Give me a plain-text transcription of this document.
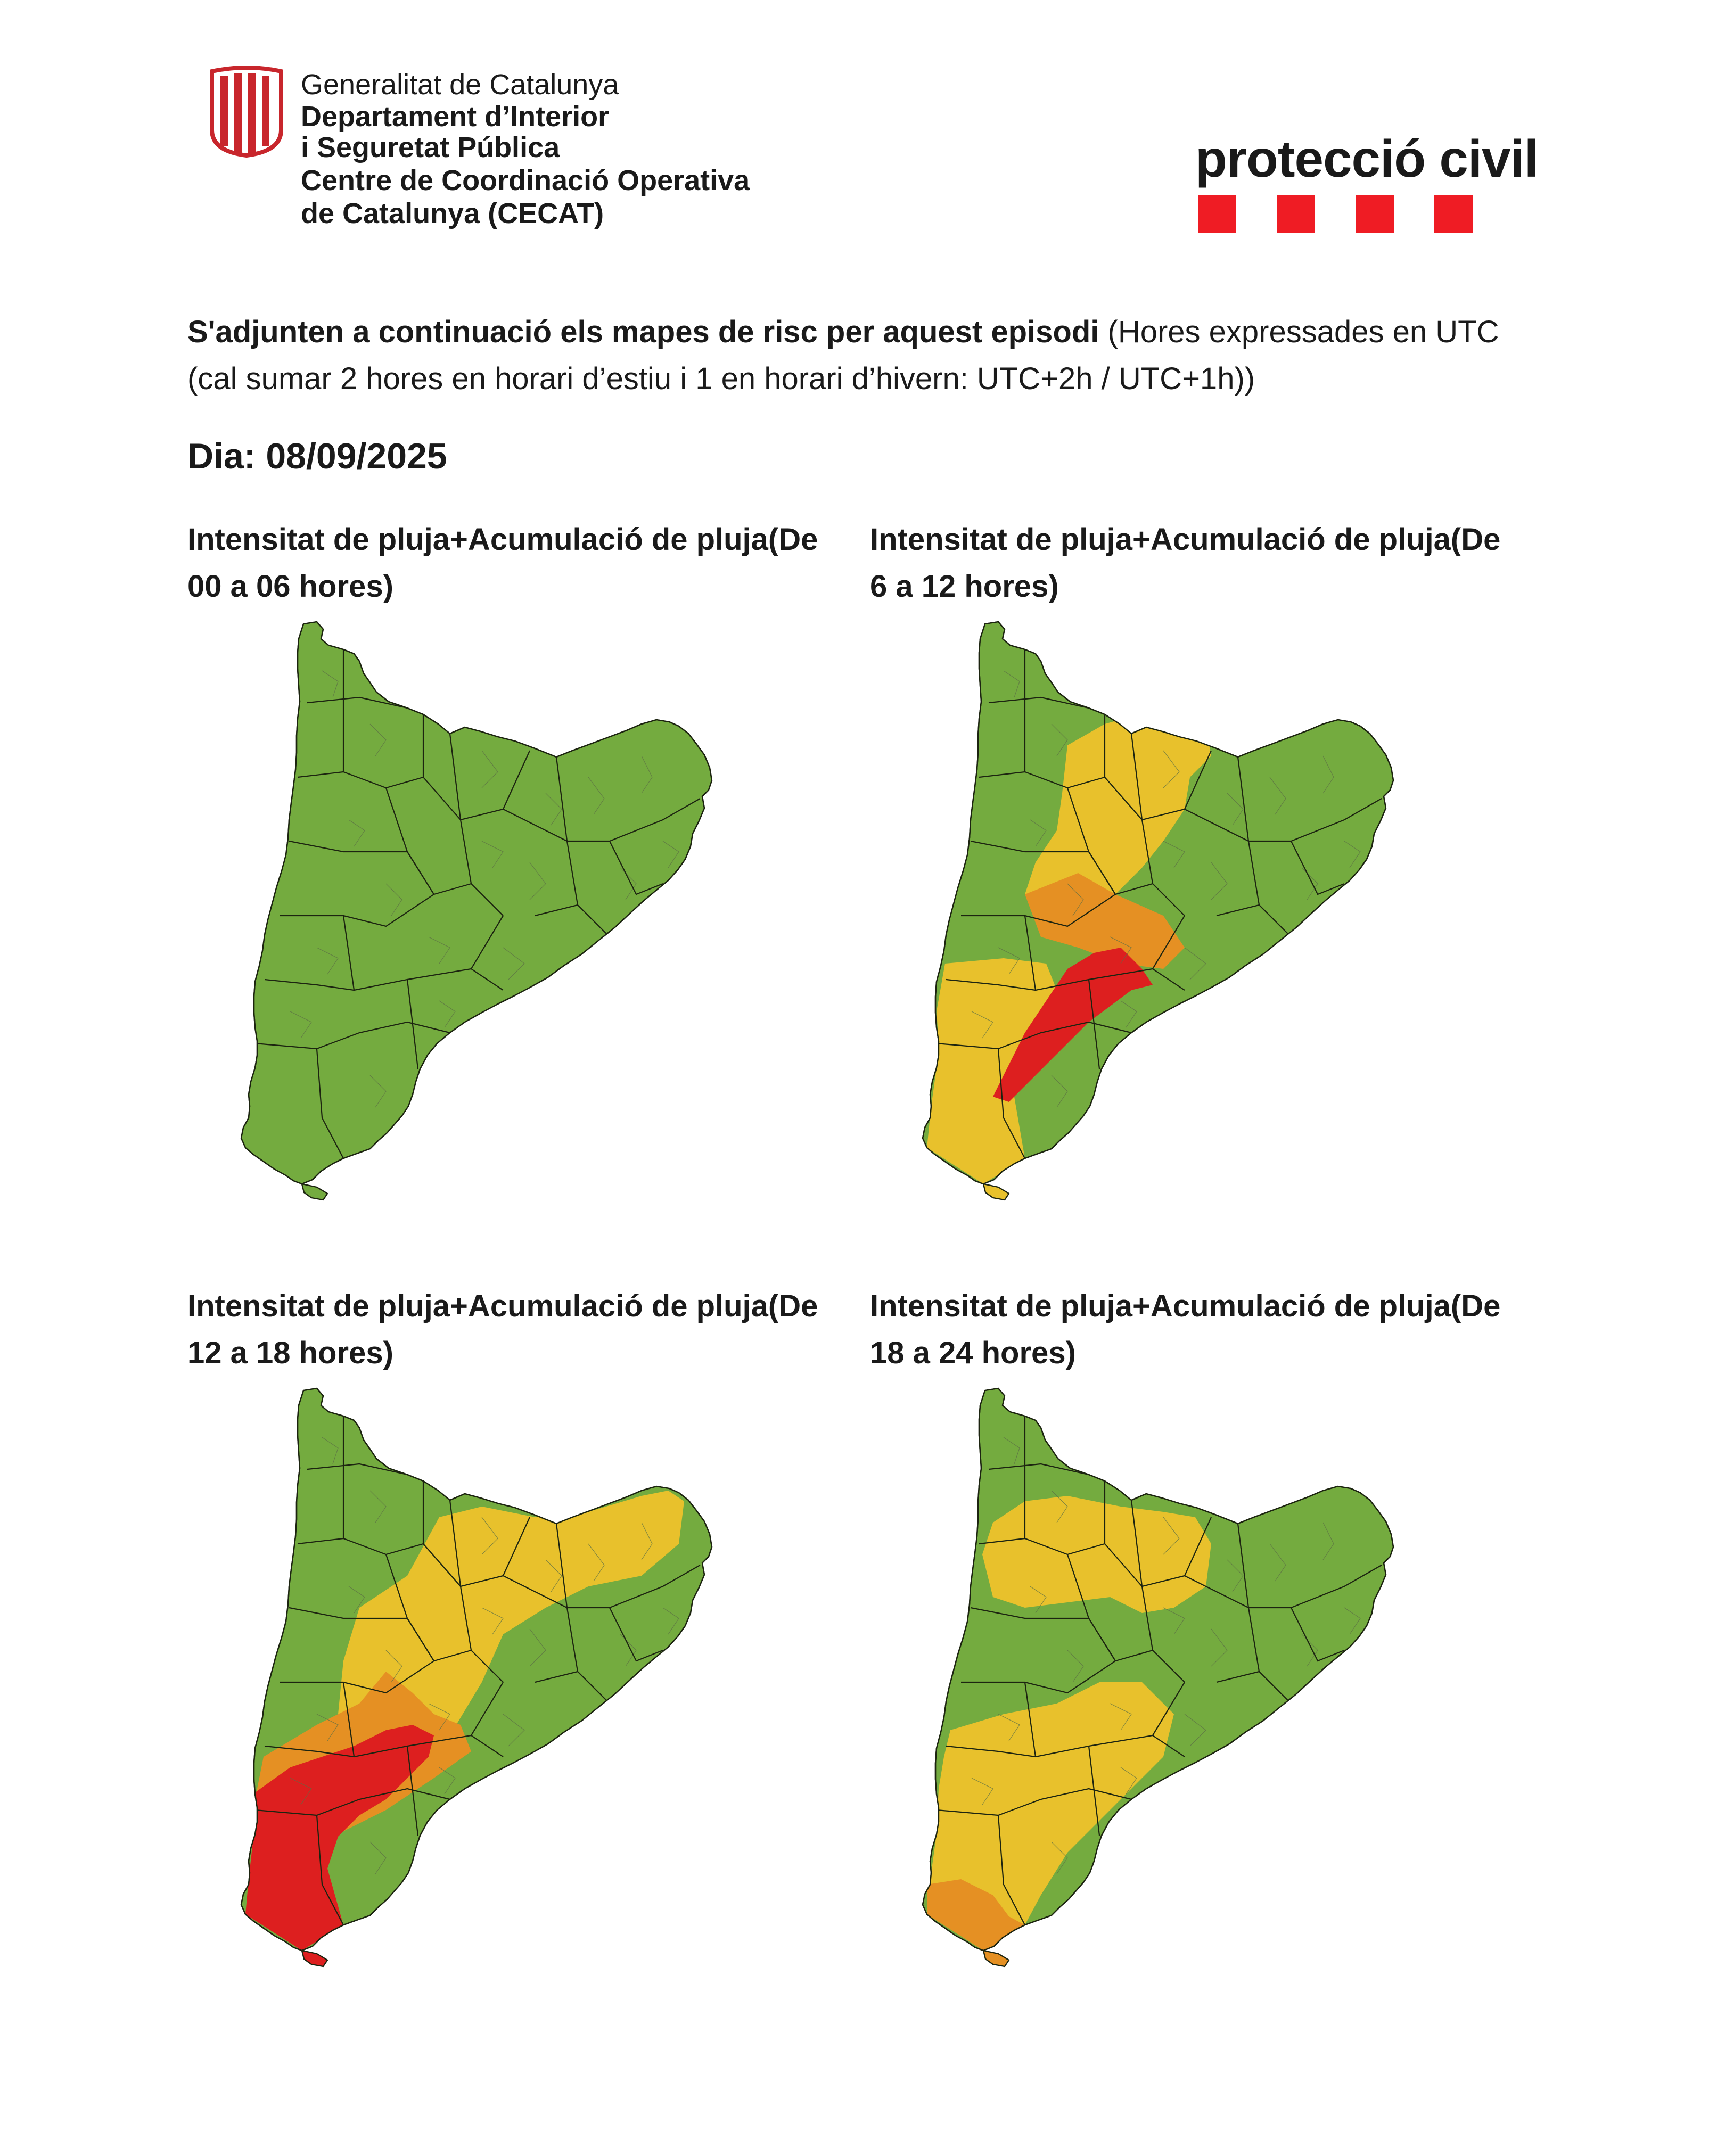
Generalitat de Catalunya
Departament d’Interior
i Seguretat Pública
Centre de Coordinació Operativa
de Catalunya (CECAT)
protecció civil
S'adjunten a continuació els mapes de risc per aquest episodi (Hores expressades en UTC (cal sumar 2 hores en horari d’estiu i 1 en horari d’hivern: UTC+2h / UTC+1h))
Dia: 08/09/2025
Intensitat de pluja+Acumulació de pluja(De
00 a 06 hores)
Intensitat de pluja+Acumulació de pluja(De
6 a 12 hores)
Intensitat de pluja+Acumulació de pluja(De
12 a 18 hores)
Intensitat de pluja+Acumulació de pluja(De
18 a 24 hores)
